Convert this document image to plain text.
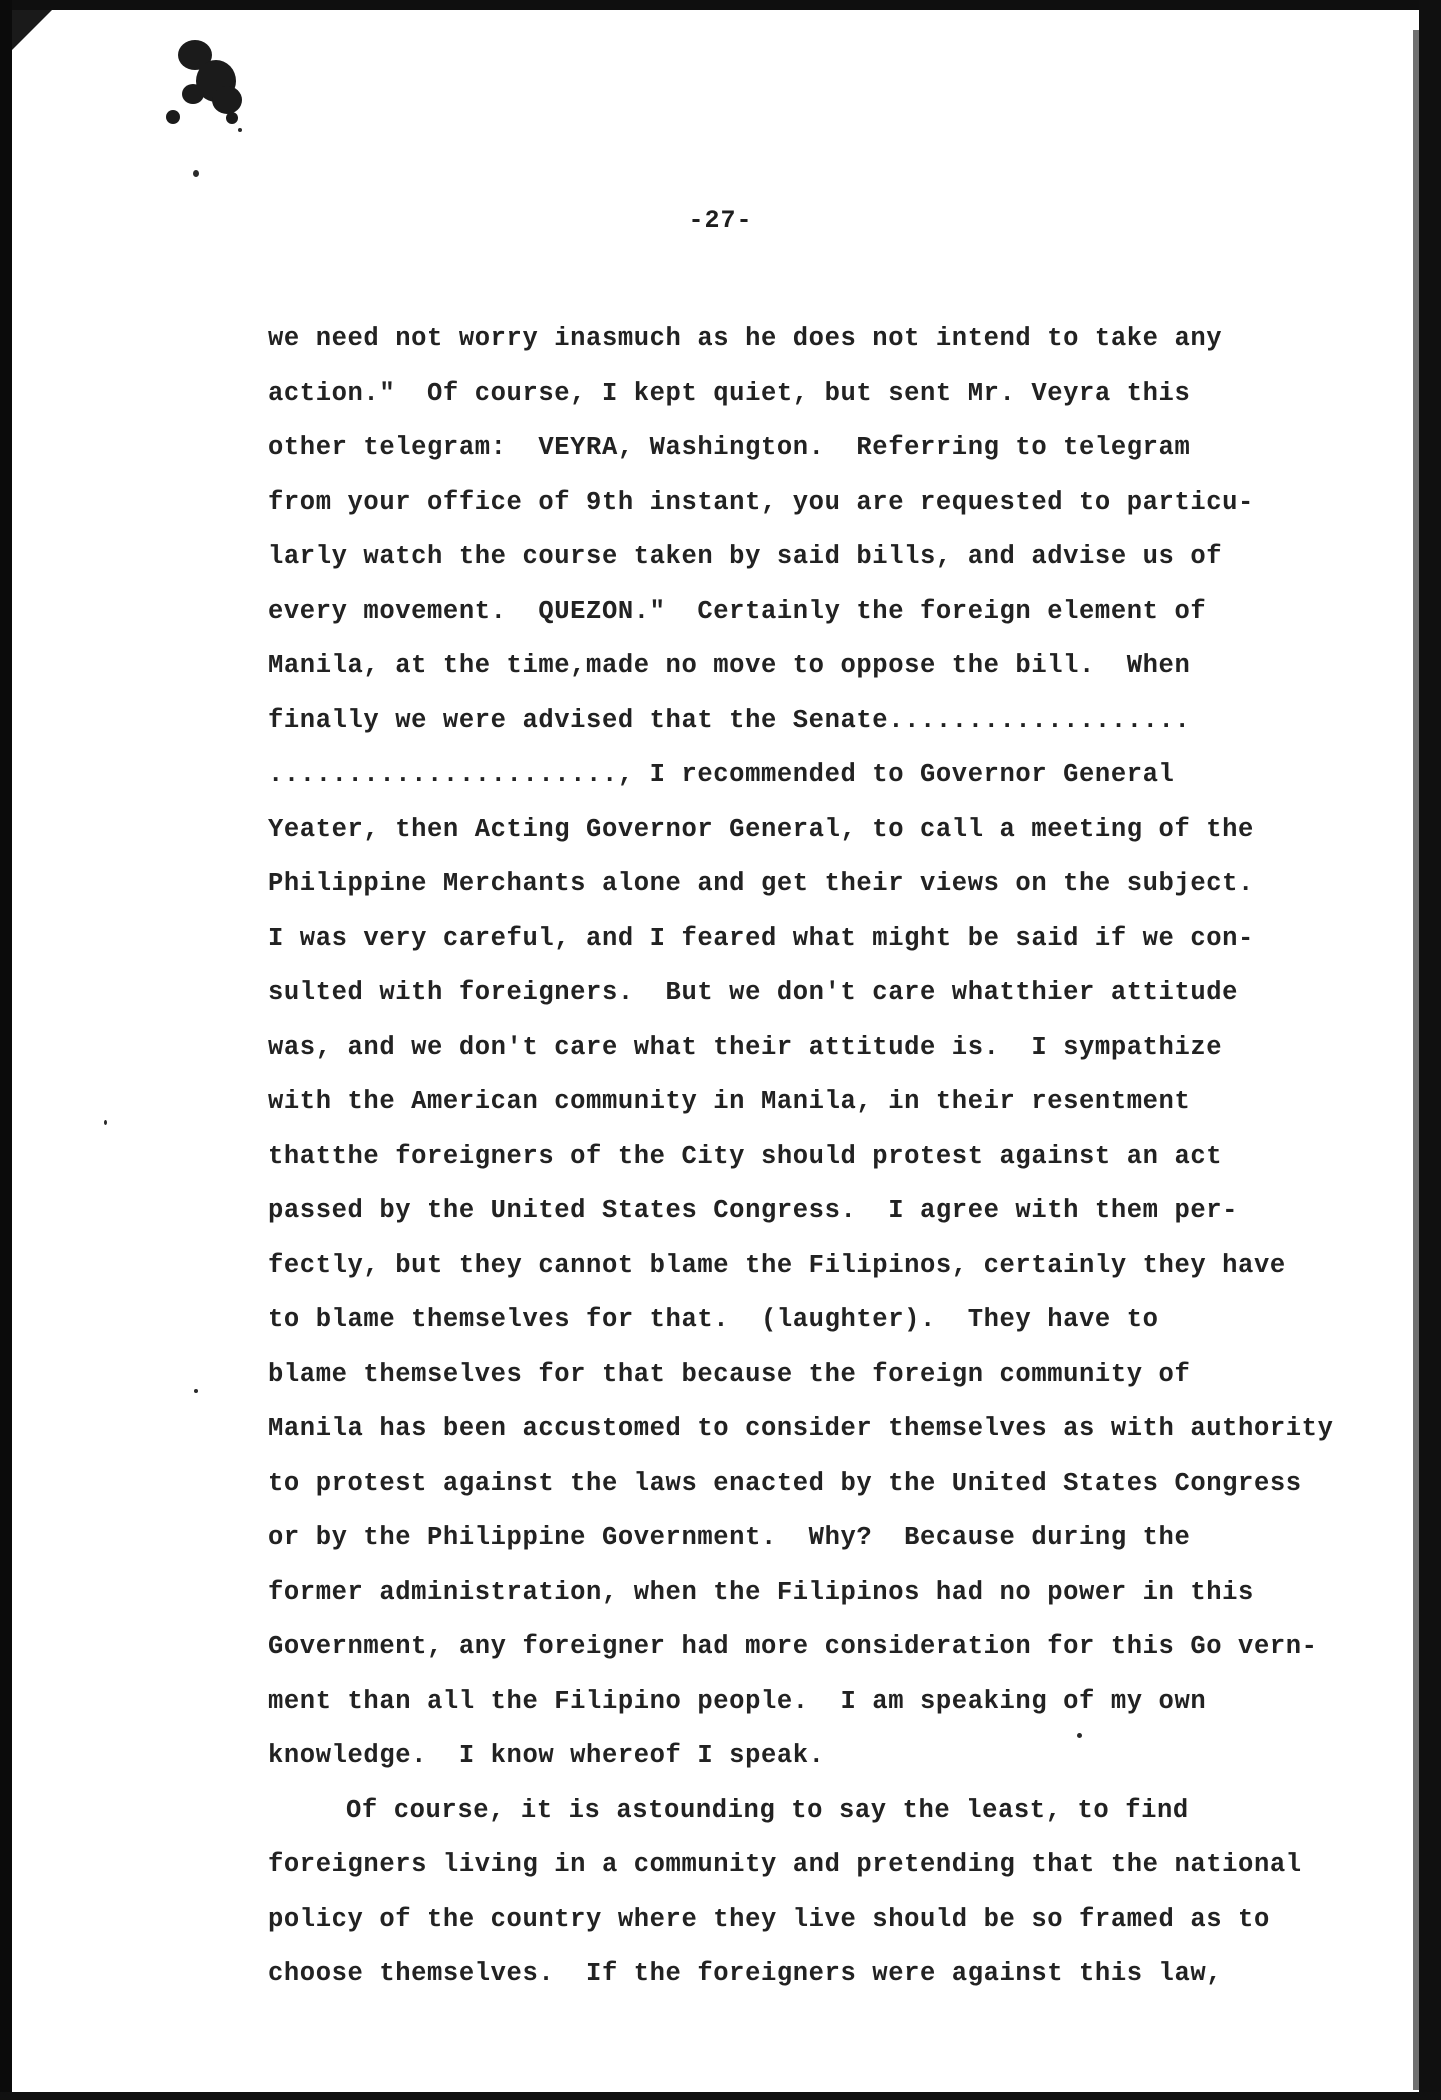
-27-
we need not worry inasmuch as he does not intend to take any
action."  Of course, I kept quiet, but sent Mr. Veyra this
other telegram:  VEYRA, Washington.  Referring to telegram
from your office of 9th instant, you are requested to particu-
larly watch the course taken by said bills, and advise us of
every movement.  QUEZON."  Certainly the foreign element of
Manila, at the time,made no move to oppose the bill.  When
finally we were advised that the Senate...................
......................, I recommended to Governor General
Yeater, then Acting Governor General, to call a meeting of the
Philippine Merchants alone and get their views on the subject.
I was very careful, and I feared what might be said if we con-
sulted with foreigners.  But we don't care whatthier attitude
was, and we don't care what their attitude is.  I sympathize
with the American community in Manila, in their resentment
thatthe foreigners of the City should protest against an act
passed by the United States Congress.  I agree with them per-
fectly, but they cannot blame the Filipinos, certainly they have
to blame themselves for that.  (laughter).  They have to
blame themselves for that because the foreign community of
Manila has been accustomed to consider themselves as with authority
to protest against the laws enacted by the United States Congress
or by the Philippine Government.  Why?  Because during the
former administration, when the Filipinos had no power in this
Government, any foreigner had more consideration for this Go vern-
ment than all the Filipino people.  I am speaking of my own
knowledge.  I know whereof I speak.
Of course, it is astounding to say the least, to find
foreigners living in a community and pretending that the national
policy of the country where they live should be so framed as to
choose themselves.  If the foreigners were against this law,
